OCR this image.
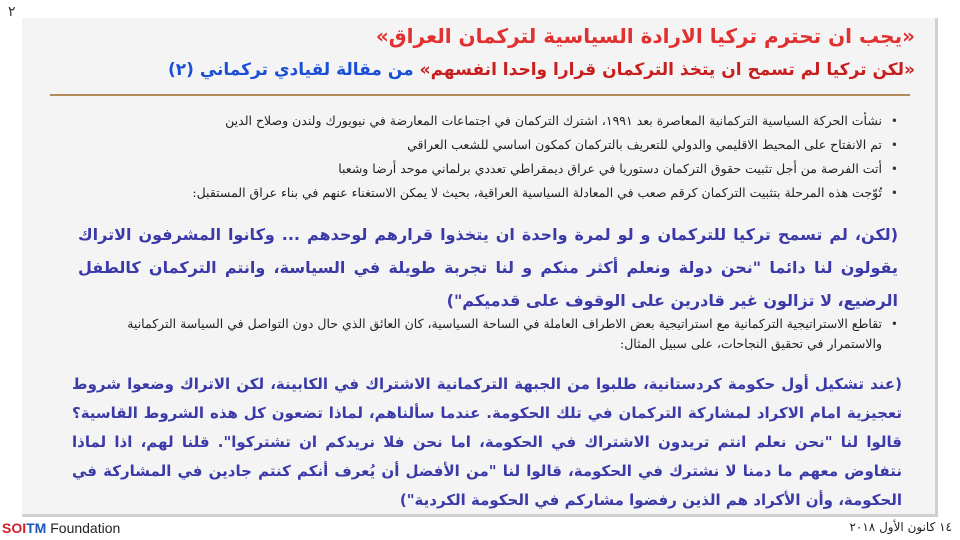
٢
«يجب ان تحترم تركيا الارادة السياسية لتركمان العراق»
«لكن تركيا لم تسمح ان يتخذ التركمان قرارا واحدا انفسهم» من مقالة لقيادي تركماني (٢)
•
نشأت الحركة السياسية التركمانية المعاصرة بعد ١٩٩١، اشترك التركمان في اجتماعات المعارضة في نيويورك ولندن وصلاح الدين
•
تم الانفتاح على المحيط الاقليمي والدولي للتعريف بالتركمان كمكون اساسي للشعب العراقي
•
أتت الفرصة من أجل تثبيت حقوق التركمان دستوريا في عراق ديمقراطي تعددي برلماني موحد أرضا وشعبا
•
تُوّجت هذه المرحلة بتثبيت التركمان كرقم صعب في المعادلة السياسية العراقية، بحيث لا يمكن الاستغناء عنهم في بناء عراق المستقبل:
(لكن، لم تسمح تركيا للتركمان و لو لمرة واحدة ان يتخذوا قرارهم لوحدهم ... وكانوا المشرفون الاتراك يقولون لنا دائما "نحن دولة ونعلم أكثر منكم و لنا تجربة طويلة في السياسة، وانتم التركمان كالطفل الرضيع، لا تزالون غير قادرين على الوقوف على قدميكم")
•
تقاطع الاستراتيجية التركمانية مع استراتيجية بعض الاطراف العاملة في الساحة السياسية، كان العائق الذي حال دون التواصل في السياسة التركمانية والاستمرار في تحقيق النجاحات، على سبيل المثال:
(عند تشكيل أول حكومة كردستانية، طلبوا من الجبهة التركمانية الاشتراك في الكابينة، لكن الاتراك وضعوا شروط تعجيزية امام الاكراد لمشاركة التركمان في تلك الحكومة. عندما سألناهم، لماذا تضعون كل هذه الشروط القاسية؟ قالوا لنا "نحن نعلم انتم تريدون الاشتراك في الحكومة، اما نحن فلا نريدكم ان تشتركوا". قلنا لهم، اذا لماذا نتفاوض معهم ما دمنا لا نشترك في الحكومة، قالوا لنا "من الأفضل أن يُعرف أنكم كنتم جادين في المشاركة في الحكومة، وأن الأكراد هم الذين رفضوا مشاركم في الحكومة الكردية")
SOITM Foundation	١٤ كانون الأول ٢٠١٨
